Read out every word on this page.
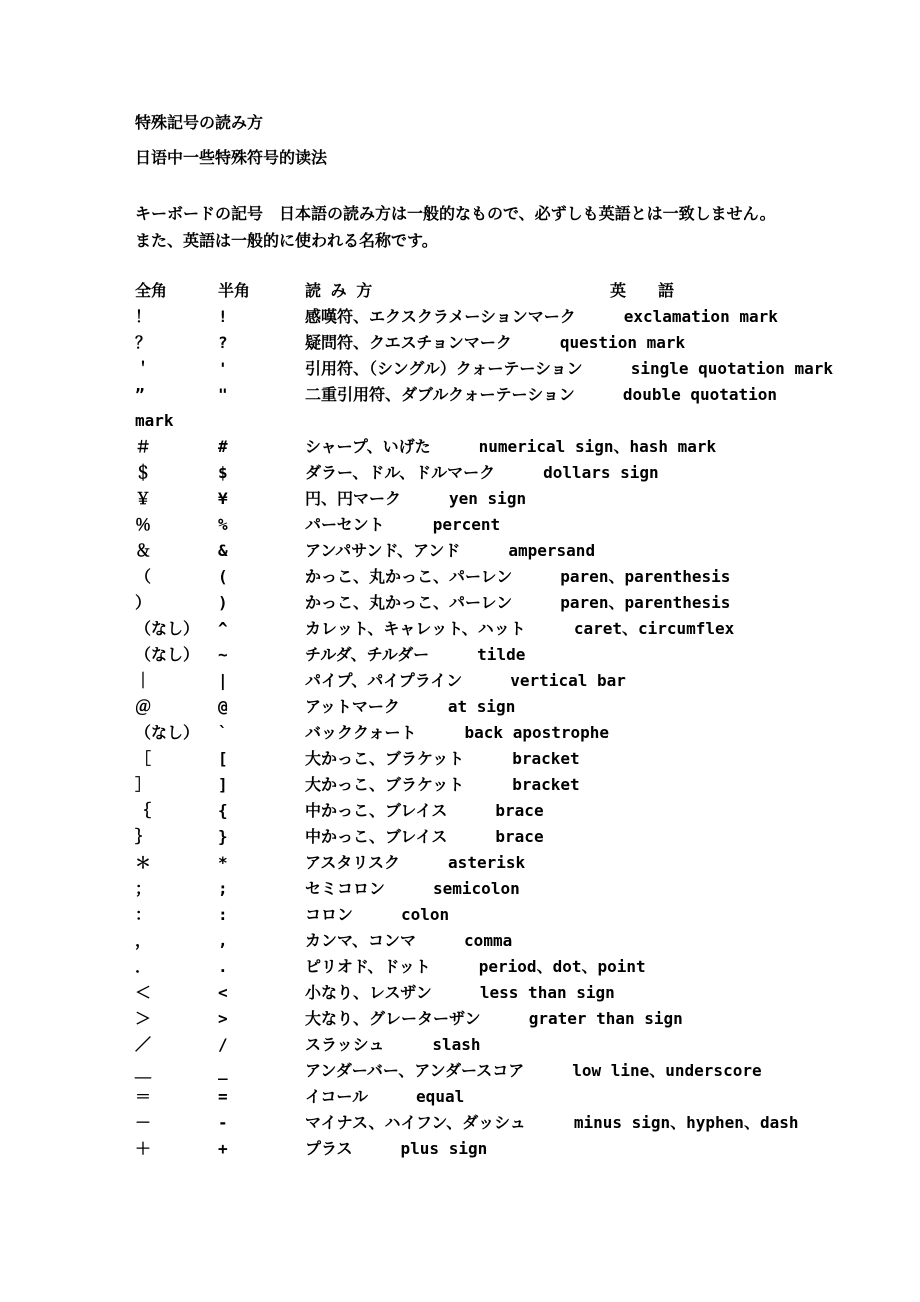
特殊記号の読み方
日语中一些特殊符号的读法
キーボードの記号　日本語の読み方は一般的なもので、必ずしも英語とは一致しません。
また、英語は一般的に使われる名称です。
全角	半角	読 み 方	英　　語
！	!	感嘆符、エクスクラメーションマーク	exclamation mark
？	?	疑問符、クエスチョンマーク	question mark
＇	'	引用符、（シングル）クォーテーション	single quotation mark
”	"	二重引用符、ダブルクォーテーション	double quotation
mark
＃	#	シャープ、いげた	numerical sign、hash mark
＄	$	ダラー、ドル、ドルマーク	dollars sign
￥	¥	円、円マーク	yen sign
％	%	パーセント	percent
＆	&	アンパサンド、アンド	ampersand
（	(	かっこ、丸かっこ、パーレン	paren、parenthesis
）	)	かっこ、丸かっこ、パーレン	paren、parenthesis
（なし）	^	カレット、キャレット、ハット	caret、circumflex
（なし）	~	チルダ、チルダー	tilde
｜	|	パイプ、パイプライン	vertical bar
＠	@	アットマーク	at sign
（なし）	`	バッククォート	back apostrophe
［	[	大かっこ、ブラケット	bracket
］	]	大かっこ、ブラケット	bracket
｛	{	中かっこ、ブレイス	brace
｝	}	中かっこ、ブレイス	brace
＊	*	アスタリスク	asterisk
；	;	セミコロン	semicolon
：	:	コロン	colon
，	,	カンマ、コンマ	comma
．	.	ピリオド、ドット	period、dot、point
＜	<	小なり、レスザン	less than sign
＞	>	大なり、グレーターザン	grater than sign
／	/	スラッシュ	slash
＿	_	アンダーバー、アンダースコア	low line、underscore
＝	=	イコール	equal
－	-	マイナス、ハイフン、ダッシュ	minus sign、hyphen、dash
＋	+	プラス	plus sign
